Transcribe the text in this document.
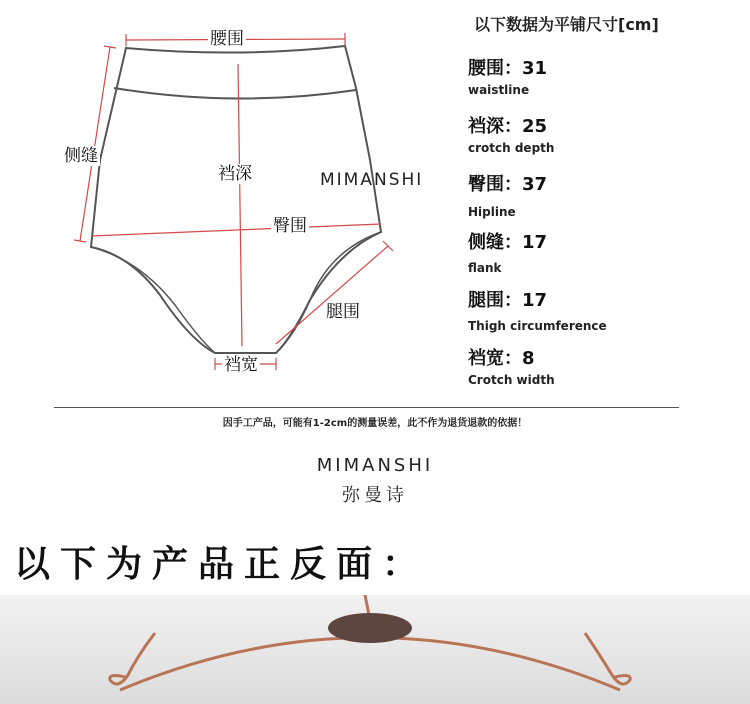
腰围
侧缝
裆深
臀围
腿围
裆宽
MIMANSHI
以下数据为平铺尺寸[cm]
腰围：31
waistline
裆深：25
crotch depth
臀围：37
Hipline
侧缝：17
flank
腿围：17
Thigh circumference
裆宽：8
Crotch width
因手工产品，可能有1-2cm的测量误差，此不作为退货退款的依据！
MIMANSHI
弥曼诗
以下为产品正反面：
